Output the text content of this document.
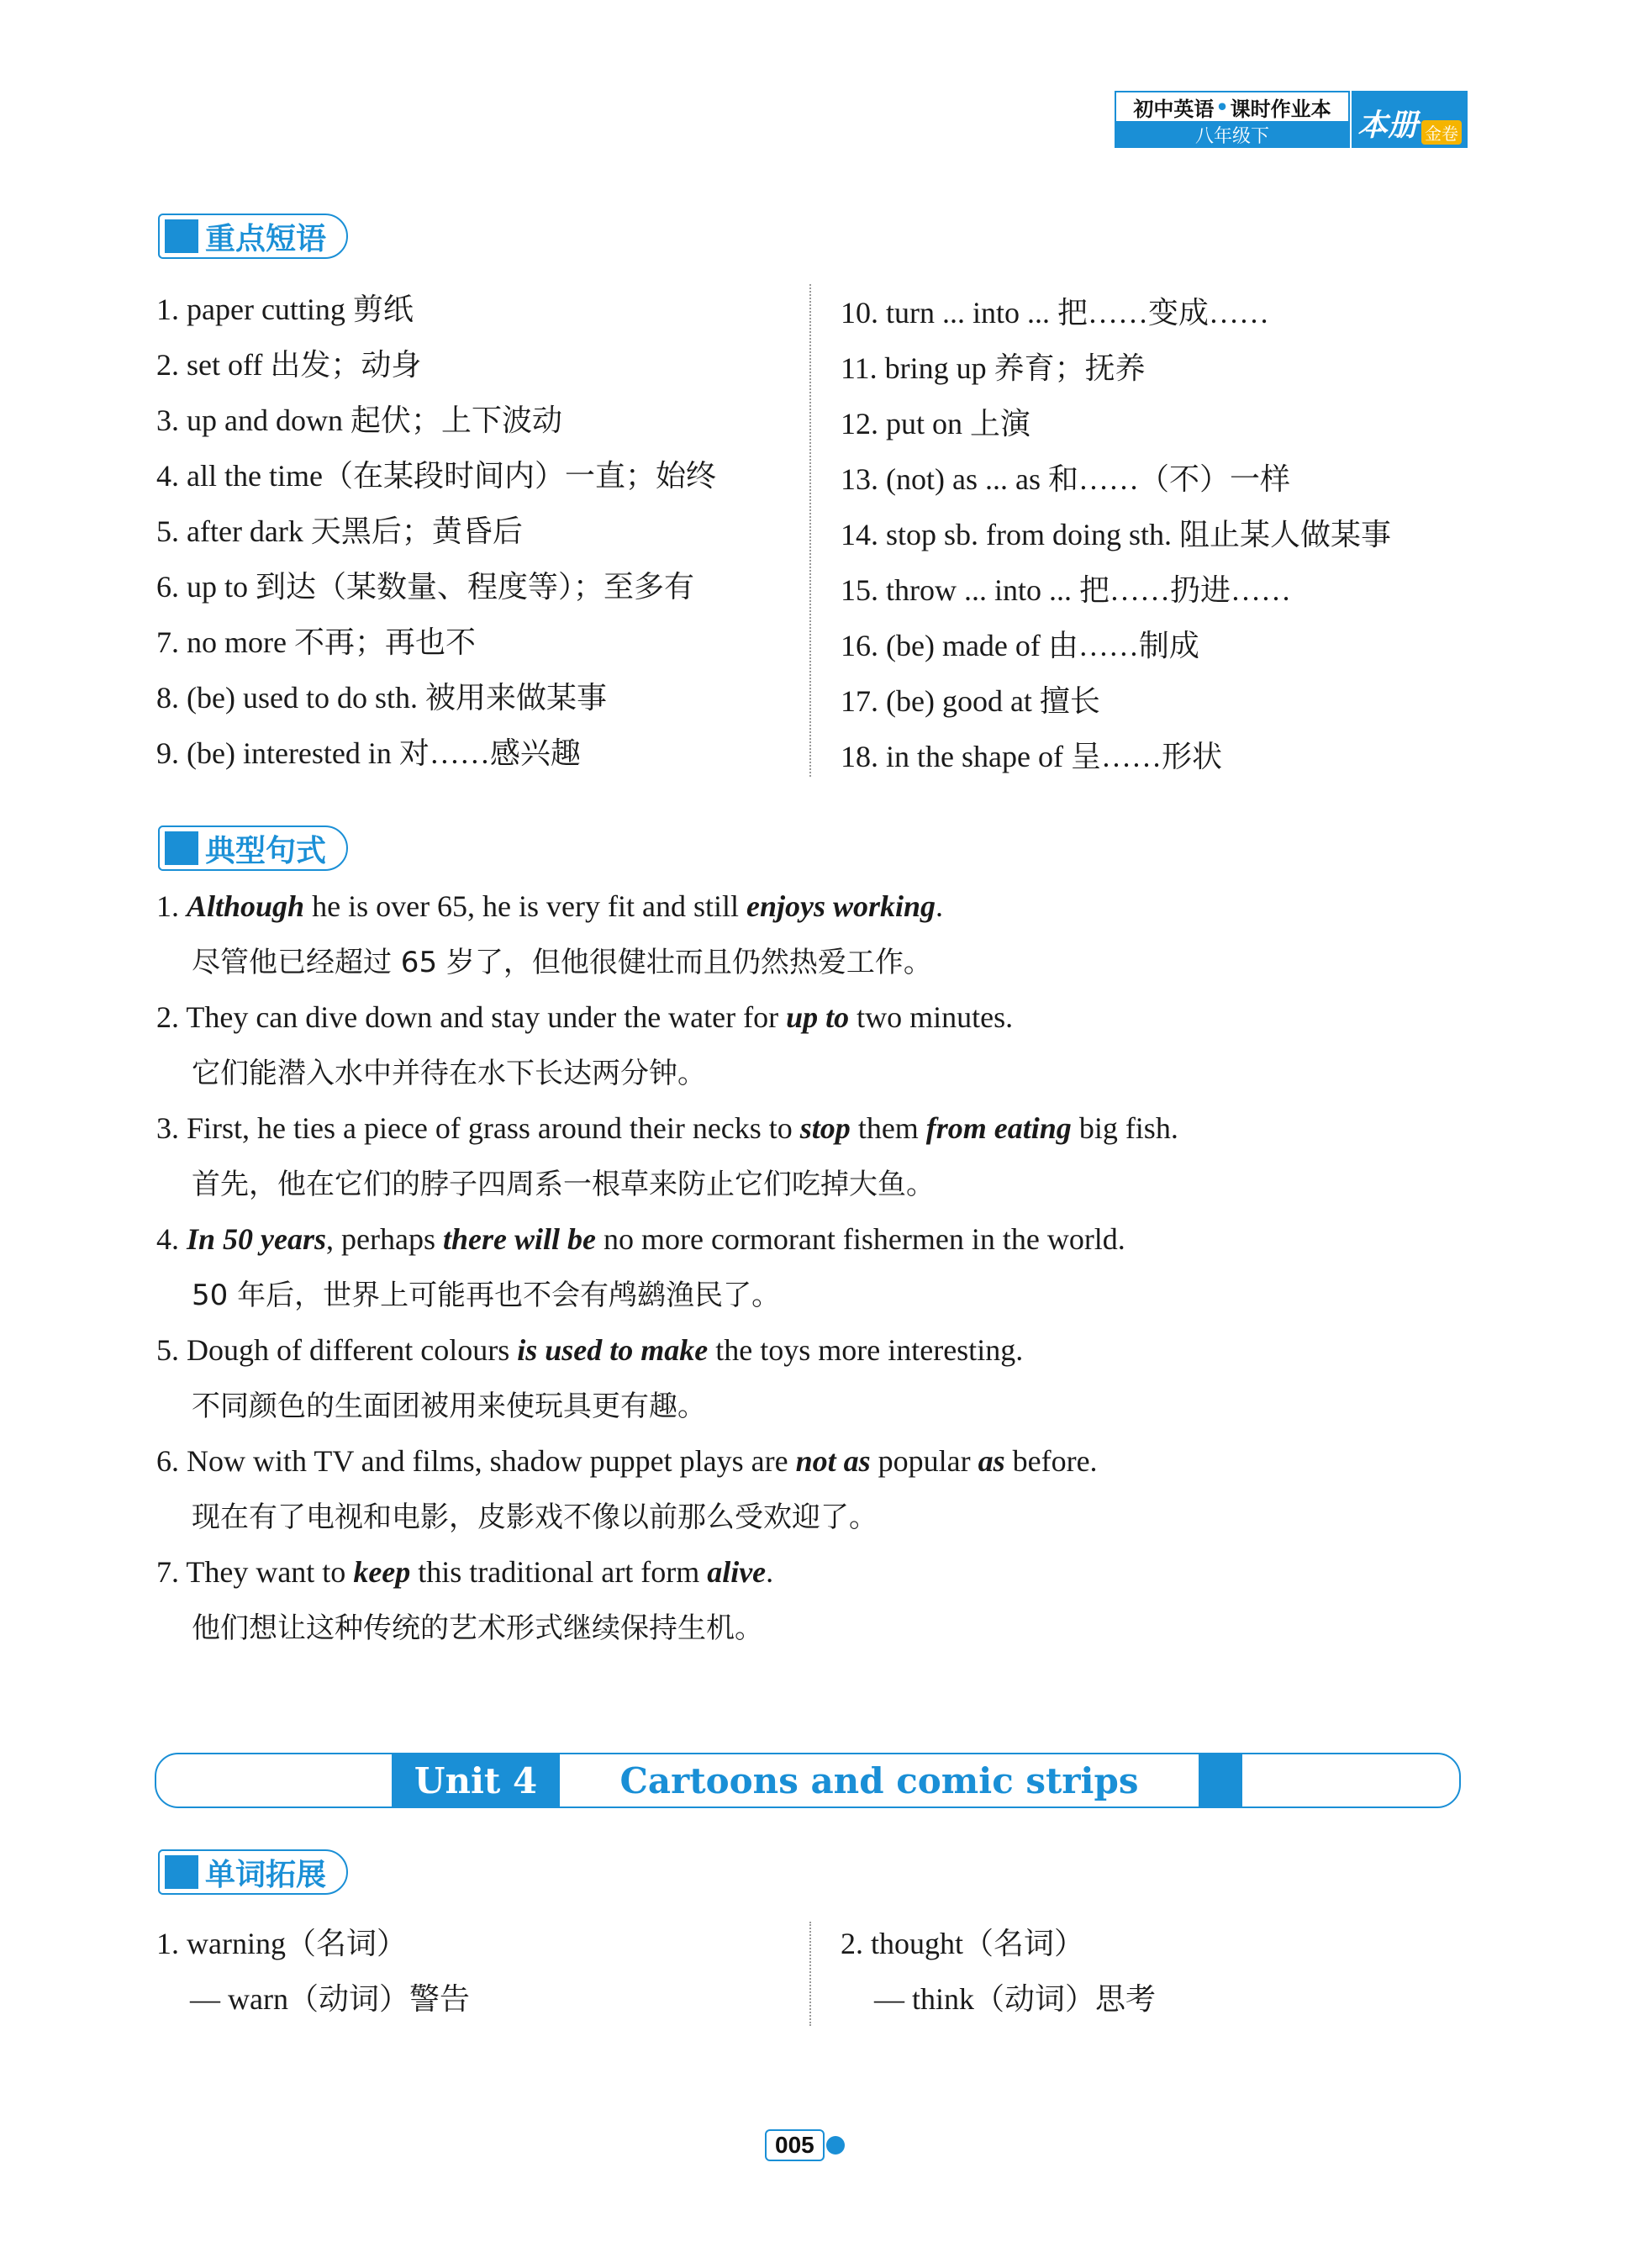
初中英语 • 课时作业本
八年级下	本册 金卷
重点短语
1. paper cutting 剪纸
2. set off 出发；动身
3. up and down 起伏；上下波动
4. all the time（在某段时间内）一直；始终
5. after dark 天黑后；黄昏后
6. up to 到达（某数量、程度等）；至多有
7. no more 不再；再也不
8. (be) used to do sth. 被用来做某事
9. (be) interested in 对……感兴趣
10. turn ... into ... 把……变成……
11. bring up 养育；抚养
12. put on 上演
13. (not) as ... as 和……（不）一样
14. stop sb. from doing sth. 阻止某人做某事
15. throw ... into ... 把……扔进……
16. (be) made of 由……制成
17. (be) good at 擅长
18. in the shape of 呈……形状
典型句式
1. Although he is over 65, he is very fit and still enjoys working.
尽管他已经超过 65 岁了，但他很健壮而且仍然热爱工作。
2. They can dive down and stay under the water for up to two minutes.
它们能潜入水中并待在水下长达两分钟。
3. First, he ties a piece of grass around their necks to stop them from eating big fish.
首先，他在它们的脖子四周系一根草来防止它们吃掉大鱼。
4. In 50 years, perhaps there will be no more cormorant fishermen in the world.
50 年后，世界上可能再也不会有鸬鹚渔民了。
5. Dough of different colours is used to make the toys more interesting.
不同颜色的生面团被用来使玩具更有趣。
6. Now with TV and films, shadow puppet plays are not as popular as before.
现在有了电视和电影，皮影戏不像以前那么受欢迎了。
7. They want to keep this traditional art form alive.
他们想让这种传统的艺术形式继续保持生机。
Unit 4	Cartoons and comic strips
单词拓展
1. warning（名词）
— warn（动词）警告
2. thought（名词）
— think（动词）思考
005
